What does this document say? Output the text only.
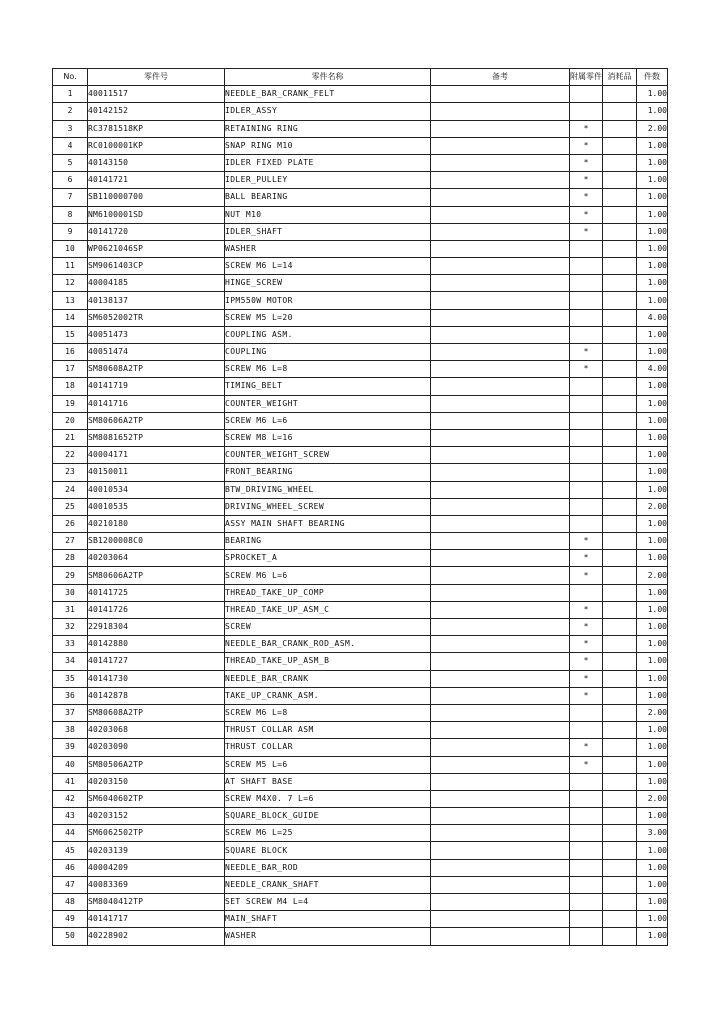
No.	零件号	零件名称	备考	附属零件	消耗品	件数
1	40011517	NEEDLE_BAR_CRANK_FELT				1.00
2	40142152	IDLER_ASSY				1.00
3	RC3781518KP	RETAINING RING		*		2.00
4	RC0100001KP	SNAP RING M10		*		1.00
5	40143150	IDLER FIXED PLATE		*		1.00
6	40141721	IDLER_PULLEY		*		1.00
7	SB110000700	BALL BEARING		*		1.00
8	NM6100001SD	NUT M10		*		1.00
9	40141720	IDLER_SHAFT		*		1.00
10	WP0621046SP	WASHER				1.00
11	SM9061403CP	SCREW M6 L=14				1.00
12	40004185	HINGE_SCREW				1.00
13	40138137	IPM550W MOTOR				1.00
14	SM6052002TR	SCREW M5 L=20				4.00
15	40051473	COUPLING ASM.				1.00
16	40051474	COUPLING		*		1.00
17	SM80608A2TP	SCREW M6 L=8		*		4.00
18	40141719	TIMING_BELT				1.00
19	40141716	COUNTER_WEIGHT				1.00
20	SM80606A2TP	SCREW M6 L=6				1.00
21	SM8081652TP	SCREW M8 L=16				1.00
22	40004171	COUNTER_WEIGHT_SCREW				1.00
23	40150011	FRONT_BEARING				1.00
24	40010534	BTW_DRIVING_WHEEL				1.00
25	40010535	DRIVING_WHEEL_SCREW				2.00
26	40210180	ASSY MAIN SHAFT BEARING				1.00
27	SB1200008C0	BEARING		*		1.00
28	40203064	SPROCKET_A		*		1.00
29	SM80606A2TP	SCREW M6 L=6		*		2.00
30	40141725	THREAD_TAKE_UP_COMP				1.00
31	40141726	THREAD_TAKE_UP_ASM_C		*		1.00
32	22918304	SCREW		*		1.00
33	40142880	NEEDLE_BAR_CRANK_ROD_ASM.		*		1.00
34	40141727	THREAD_TAKE_UP_ASM_B		*		1.00
35	40141730	NEEDLE_BAR_CRANK		*		1.00
36	40142878	TAKE_UP_CRANK_ASM.		*		1.00
37	SM80608A2TP	SCREW M6 L=8				2.00
38	40203068	THRUST COLLAR ASM				1.00
39	40203090	THRUST COLLAR		*		1.00
40	SM80506A2TP	SCREW M5 L=6		*		1.00
41	40203150	AT SHAFT BASE				1.00
42	SM6040602TP	SCREW M4X0. 7 L=6				2.00
43	40203152	SQUARE_BLOCK_GUIDE				1.00
44	SM6062502TP	SCREW M6 L=25				3.00
45	40203139	SQUARE BLOCK				1.00
46	40004209	NEEDLE_BAR_ROD				1.00
47	40083369	NEEDLE_CRANK_SHAFT				1.00
48	SM8040412TP	SET SCREW M4 L=4				1.00
49	40141717	MAIN_SHAFT				1.00
50	40228902	WASHER				1.00
